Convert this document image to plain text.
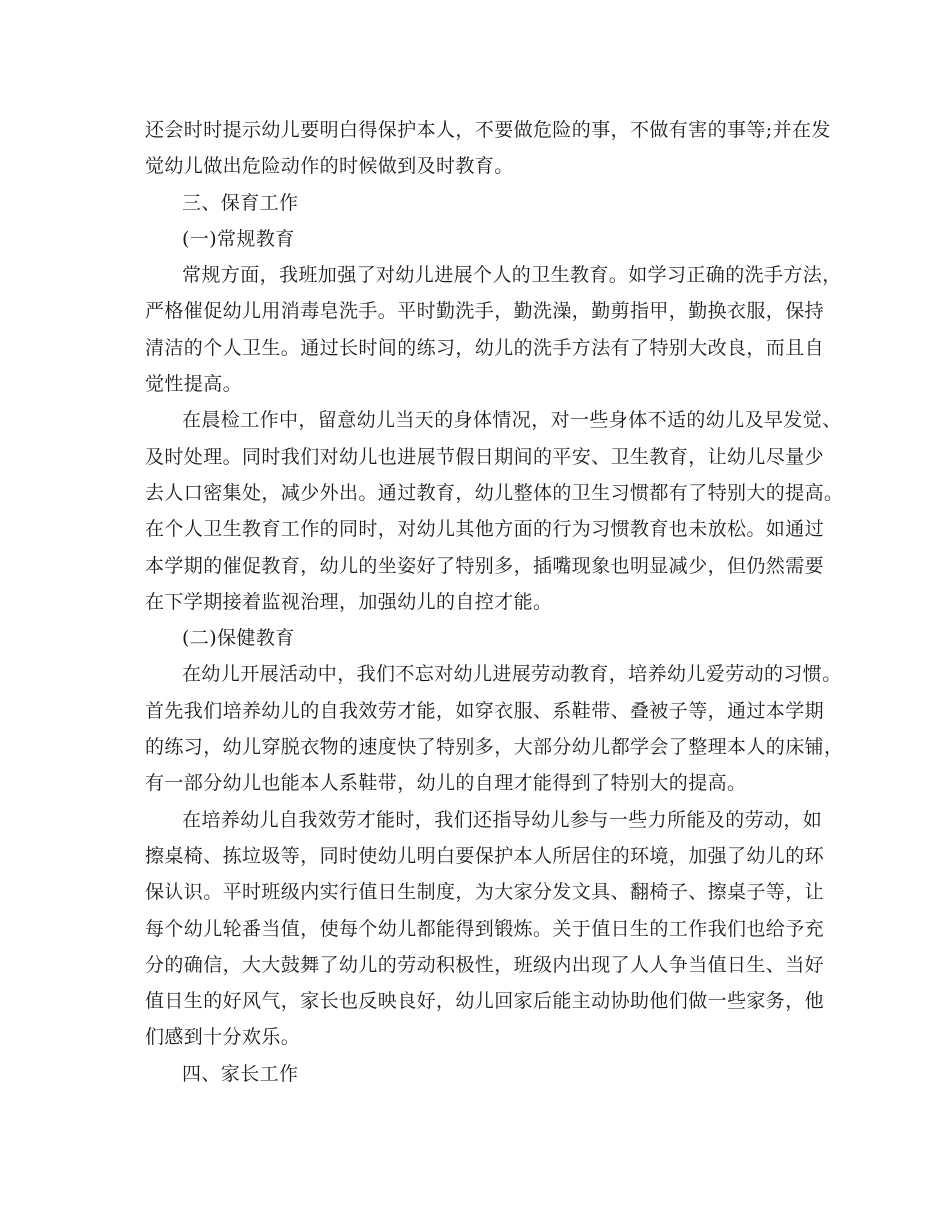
还会时时提示幼儿要明白得保护本人，不要做危险的事，不做有害的事等;并在发
觉幼儿做出危险动作的时候做到及时教育。
三、保育工作
(一)常规教育
常规方面，我班加强了对幼儿进展个人的卫生教育。如学习正确的洗手方法，
严格催促幼儿用消毒皂洗手。平时勤洗手，勤洗澡，勤剪指甲，勤换衣服，保持
清洁的个人卫生。通过长时间的练习，幼儿的洗手方法有了特别大改良，而且自
觉性提高。
在晨检工作中，留意幼儿当天的身体情况，对一些身体不适的幼儿及早发觉、
及时处理。同时我们对幼儿也进展节假日期间的平安、卫生教育，让幼儿尽量少
去人口密集处，减少外出。通过教育，幼儿整体的卫生习惯都有了特别大的提高。
在个人卫生教育工作的同时，对幼儿其他方面的行为习惯教育也未放松。如通过
本学期的催促教育，幼儿的坐姿好了特别多，插嘴现象也明显减少，但仍然需要
在下学期接着监视治理，加强幼儿的自控才能。
(二)保健教育
在幼儿开展活动中，我们不忘对幼儿进展劳动教育，培养幼儿爱劳动的习惯。
首先我们培养幼儿的自我效劳才能，如穿衣服、系鞋带、叠被子等，通过本学期
的练习，幼儿穿脱衣物的速度快了特别多，大部分幼儿都学会了整理本人的床铺，
有一部分幼儿也能本人系鞋带，幼儿的自理才能得到了特别大的提高。
在培养幼儿自我效劳才能时，我们还指导幼儿参与一些力所能及的劳动，如
擦桌椅、拣垃圾等，同时使幼儿明白要保护本人所居住的环境，加强了幼儿的环
保认识。平时班级内实行值日生制度，为大家分发文具、翻椅子、擦桌子等，让
每个幼儿轮番当值，使每个幼儿都能得到锻炼。关于值日生的工作我们也给予充
分的确信，大大鼓舞了幼儿的劳动积极性，班级内出现了人人争当值日生、当好
值日生的好风气，家长也反映良好，幼儿回家后能主动协助他们做一些家务，他
们感到十分欢乐。
四、家长工作
